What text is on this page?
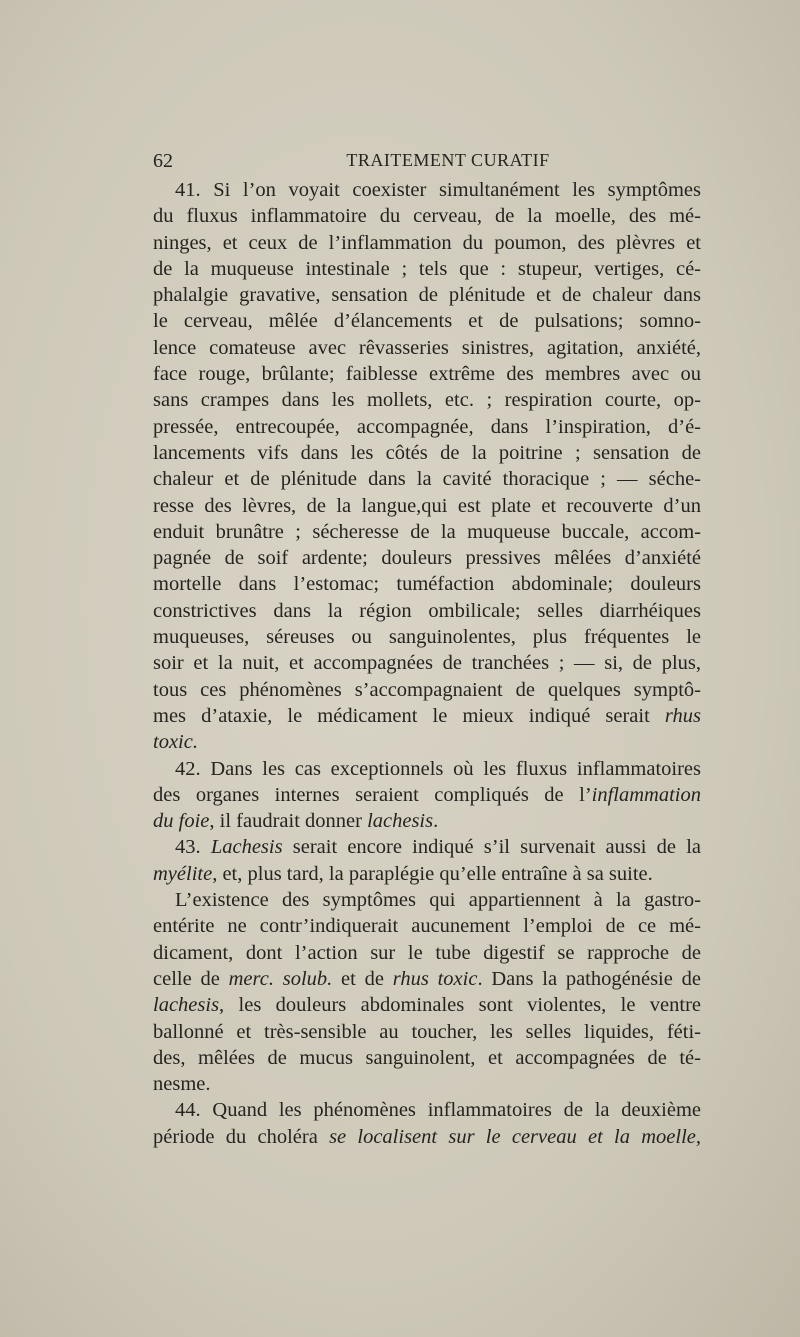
62	TRAITEMENT CURATIF
41. Si l’on voyait coexister simultanément les symptômes
du fluxus inflammatoire du cerveau, de la moelle, des mé-
ninges, et ceux de l’inflammation du poumon, des plèvres et
de la muqueuse intestinale ; tels que : stupeur, vertiges, cé-
phalalgie gravative, sensation de plénitude et de chaleur dans
le cerveau, mêlée d’élancements et de pulsations; somno-
lence comateuse avec rêvasseries sinistres, agitation, anxiété,
face rouge, brûlante; faiblesse extrême des membres avec ou
sans crampes dans les mollets, etc. ; respiration courte, op-
pressée, entrecoupée, accompagnée, dans l’inspiration, d’é-
lancements vifs dans les côtés de la poitrine ; sensation de
chaleur et de plénitude dans la cavité thoracique ; — séche-
resse des lèvres, de la langue,qui est plate et recouverte d’un
enduit brunâtre ; sécheresse de la muqueuse buccale, accom-
pagnée de soif ardente; douleurs pressives mêlées d’anxiété
mortelle dans l’estomac; tuméfaction abdominale; douleurs
constrictives dans la région ombilicale; selles diarrhéiques
muqueuses, séreuses ou sanguinolentes, plus fréquentes le
soir et la nuit, et accompagnées de tranchées ; — si, de plus,
tous ces phénomènes s’accompagnaient de quelques symptô-
mes d’ataxie, le médicament le mieux indiqué serait rhus
toxic.
42. Dans les cas exceptionnels où les fluxus inflammatoires
des organes internes seraient compliqués de l’inflammation
du foie, il faudrait donner lachesis.
43. Lachesis serait encore indiqué s’il survenait aussi de la
myélite, et, plus tard, la paraplégie qu’elle entraîne à sa suite.
L’existence des symptômes qui appartiennent à la gastro-
entérite ne contr’indiquerait aucunement l’emploi de ce mé-
dicament, dont l’action sur le tube digestif se rapproche de
celle de merc. solub. et de rhus toxic. Dans la pathogénésie de
lachesis, les douleurs abdominales sont violentes, le ventre
ballonné et très-sensible au toucher, les selles liquides, féti-
des, mêlées de mucus sanguinolent, et accompagnées de té-
nesme.
44. Quand les phénomènes inflammatoires de la deuxième
période du choléra se localisent sur le cerveau et la moelle,
